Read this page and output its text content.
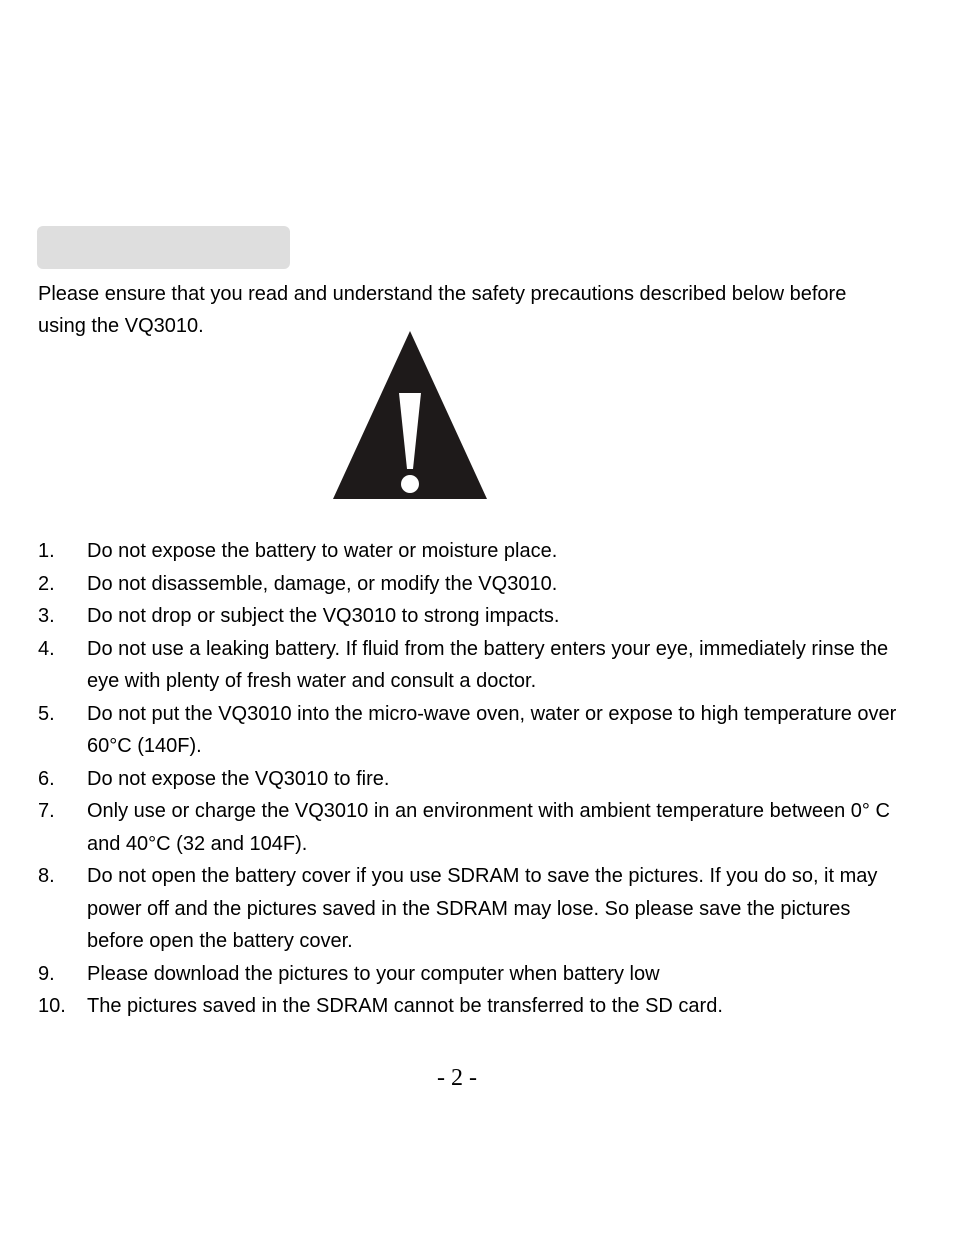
Please ensure that you read and understand the safety precautions described below before using the VQ3010.

1. Do not expose the battery to water or moisture place.
2. Do not disassemble, damage, or modify the VQ3010.
3. Do not drop or subject the VQ3010 to strong impacts.
4. Do not use a leaking battery. If fluid from the battery enters your eye, immediately rinse the eye with plenty of fresh water and consult a doctor.
5. Do not put the VQ3010 into the micro-wave oven, water or expose to high temperature over 60°C (140F).
6. Do not expose the VQ3010 to fire.
7. Only use or charge the VQ3010 in an environment with ambient temperature between 0° C and 40°C (32 and 104F).
8. Do not open the battery cover if you use SDRAM to save the pictures. If you do so, it may power off and the pictures saved in the SDRAM may lose. So please save the pictures before open the battery cover.
9. Please download the pictures to your computer when battery low
10. The pictures saved in the SDRAM cannot be transferred to the SD card.
- 2 -
